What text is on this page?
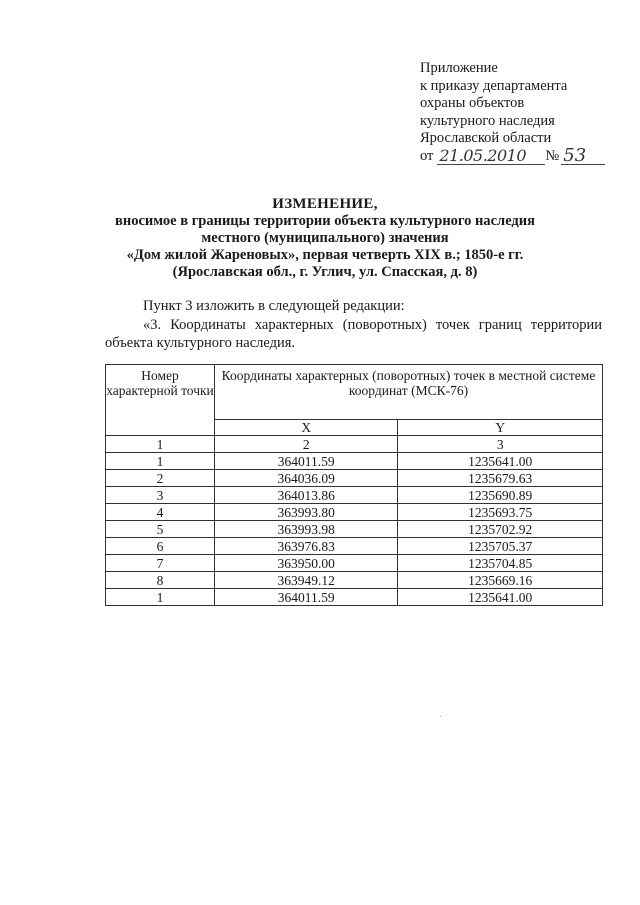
Приложение
к приказу департамента
охраны объектов
культурного наследия
Ярославской области
от 21.05.2010	№ 53
ИЗМЕНЕНИЕ,
вносимое в границы территории объекта культурного наследия
местного (муниципального) значения
«Дом жилой Жареновых», первая четверть XIX в.; 1850-е гг.
(Ярославская обл., г. Углич, ул. Спасская, д. 8)
Пункт 3 изложить в следующей редакции:
«3. Координаты характерных (поворотных) точек границ территории объекта культурного наследия.
Номер характерной точки	Координаты характерных (поворотных) точек в местной системе координат (МСК-76)	
	X	Y
1	2	3
1	364011.59	1235641.00
2	364036.09	1235679.63
3	364013.86	1235690.89
4	363993.80	1235693.75
5	363993.98	1235702.92
6	363976.83	1235705.37
7	363950.00	1235704.85
8	363949.12	1235669.16
1	364011.59	1235641.00
